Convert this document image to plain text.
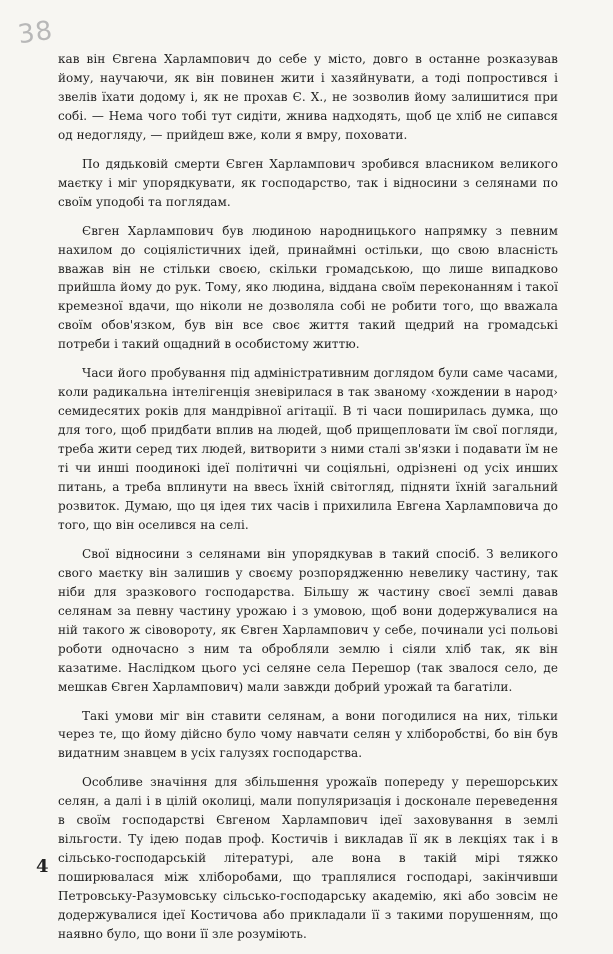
38

кав він Євгена Харлампович до себе у місто, довго в останне розказував йому, научаючи, як він повинен жити і хазяйнувати, а тоді попростився і звелів їхати додому і, як не прохав Є. Х., не зозволив йому залишитися при собі. — Нема чого тобі тут сидіти, жнива надходять, щоб це хліб не сипався од недогляду, — прийдеш вже, коли я вмру, поховати.

По дядьковій смерти Євген Харлампович зробився власником великого маєтку і міг упорядкувати, як господарство, так і відносини з селянами по своїм уподобі та поглядам.

Євген Харлампович був людиною народницького напрямку з певним нахилом до соціялістичних ідей, принаймні остільки, що свою власність вважав він не стільки своєю, скільки громадською, що лише випадково прийшла йому до рук. Тому, яко людина, віддана своїм переконанням і такої кремезної вдачи, що ніколи не дозволяла собі не робити того, що вважала своїм обов'язком, був він все своє життя такий щедрий на громадські потреби і такий ощадний в особистому життю.

Часи його пробування під адміністративним доглядом були саме часами, коли радикальна інтелігенція зневірилася в так званому ‹хождении в народ› семидесятих років для мандрівної агітації. В ті часи поширилась думка, що для того, щоб придбати вплив на людей, щоб прищепловати їм свої погляди, треба жити серед тих людей, витворити з ними сталі зв'язки і подавати їм не ті чи инші поодинокі ідеї політичні чи соціяльні, одрізнені од усіх инших питань, а треба вплинути на ввесь їхній світогляд, підняти їхній загальний розвиток. Думаю, що ця ідея тих часів і прихилила Евгена Харламповича до того, що він оселився на селі.

Свої відносини з селянами він упорядкував в такий спосіб. З великого свого маєтку він залишив у своєму розпорядженню невелику частину, так ніби для зразкового господарства. Більшу ж частину своєї землі давав селянам за певну частину урожаю і з умовою, щоб вони додержувалися на ній такого ж сівовороту, як Євген Харлампович у себе, починали усі польові роботи одночасно з ним та обробляли землю і сіяли хліб так, як він казатиме. Наслідком цього усі селяне села Перешор (так звалося село, де мешкав Євген Харлампович) мали завжди добрий урожай та багатіли.

Такі умови міг він ставити селянам, а вони погодилися на них, тільки через те, що йому дійсно було чому навчати селян у хліборобстві, бо він був видатним знавцем в усіх галузях господарства.

Особливе значіння для збільшення урожаїв попереду у перешорських селян, а далі і в цілій околиці, мали популяризація і досконале переведення в своїм господарстві Євгеном Харлампович ідеї заховування в землі вільгости. Ту ідею подав проф. Костичів і викладав її як в лекціях так і в сільсько-господарській літературі, але вона в такій мірі тяжко поширювалася між хліборобами, що траплялися господарі, закінчивши Петровську-Разумовську сільсько-господарську академію, які або зовсім не додержувалися ідеї Костичова або прикладали її з такими порушенням, що наявно було, що вони її зле розуміють.

4
